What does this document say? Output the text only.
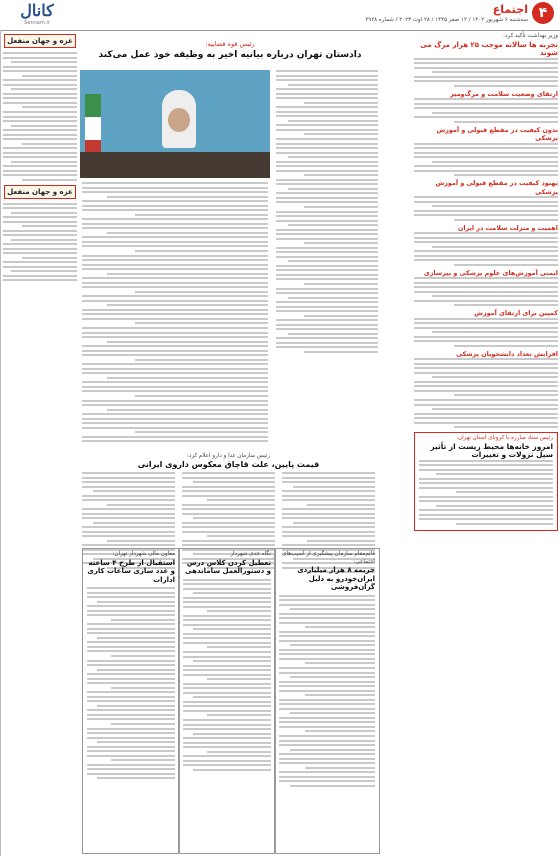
۴
اجتماع
سه‌شنبه ۶ شهریور ۱۴۰۲ / ۱۲ صفر ۱۴۴۵ / ۲۸ اوت ۲۰۲۳ / شماره ۲۹۲۸
کانال
Sennam.ir
وزیر بهداشت تأکید کرد:
تجربه ها سالانه موجب ۲۵ هزار مرگ می شوند
ارتقای وضعیت سلامت و مرگ‌ومیر
بدون کیفیت در مقطع قبولی و آموزش پزشکی
بهبود کیفیت در مقطع قبولی و آموزش پزشکی
اهمیت و منزلت سلامت در ایران
ایمنی آموزش‌های علوم پزشکی و پیرسازی
کمپین برای ارتقای آموزش
افزایش تعداد دانشجویان پزشکی
رئیس ستاد مبارزه با کرونای استان تهران:
امروز خانه‌ها محیط زیست از تأثیر سیل نزولات و تغییرات
رئیس قوه قضاییه:
دادستان تهران درباره بیانیه اخیر به وظیفه خود عمل می‌کند
رئیس سازمان غذا و دارو اعلام کرد:
قیمت پایین، علت قاچاق معکوس داروی ایرانی
معاون مالی شهردار تهران:
استقبال از طرح ۴ ساعته و غدد سازی ساعات کاری ادارات
نگاه جدی شهردار
تعطیل کردن کلاس درس و دستورالعمل ساماندهی
قائم‌مقام سازمان پیشگیری از آسیب‌های اجتماعی:
جریمه ۸ هزار میلیاردی ایران‌خودرو به دلیل گران‌فروشی
غزه و جهان منفعل
غزه و جهان منفعل
